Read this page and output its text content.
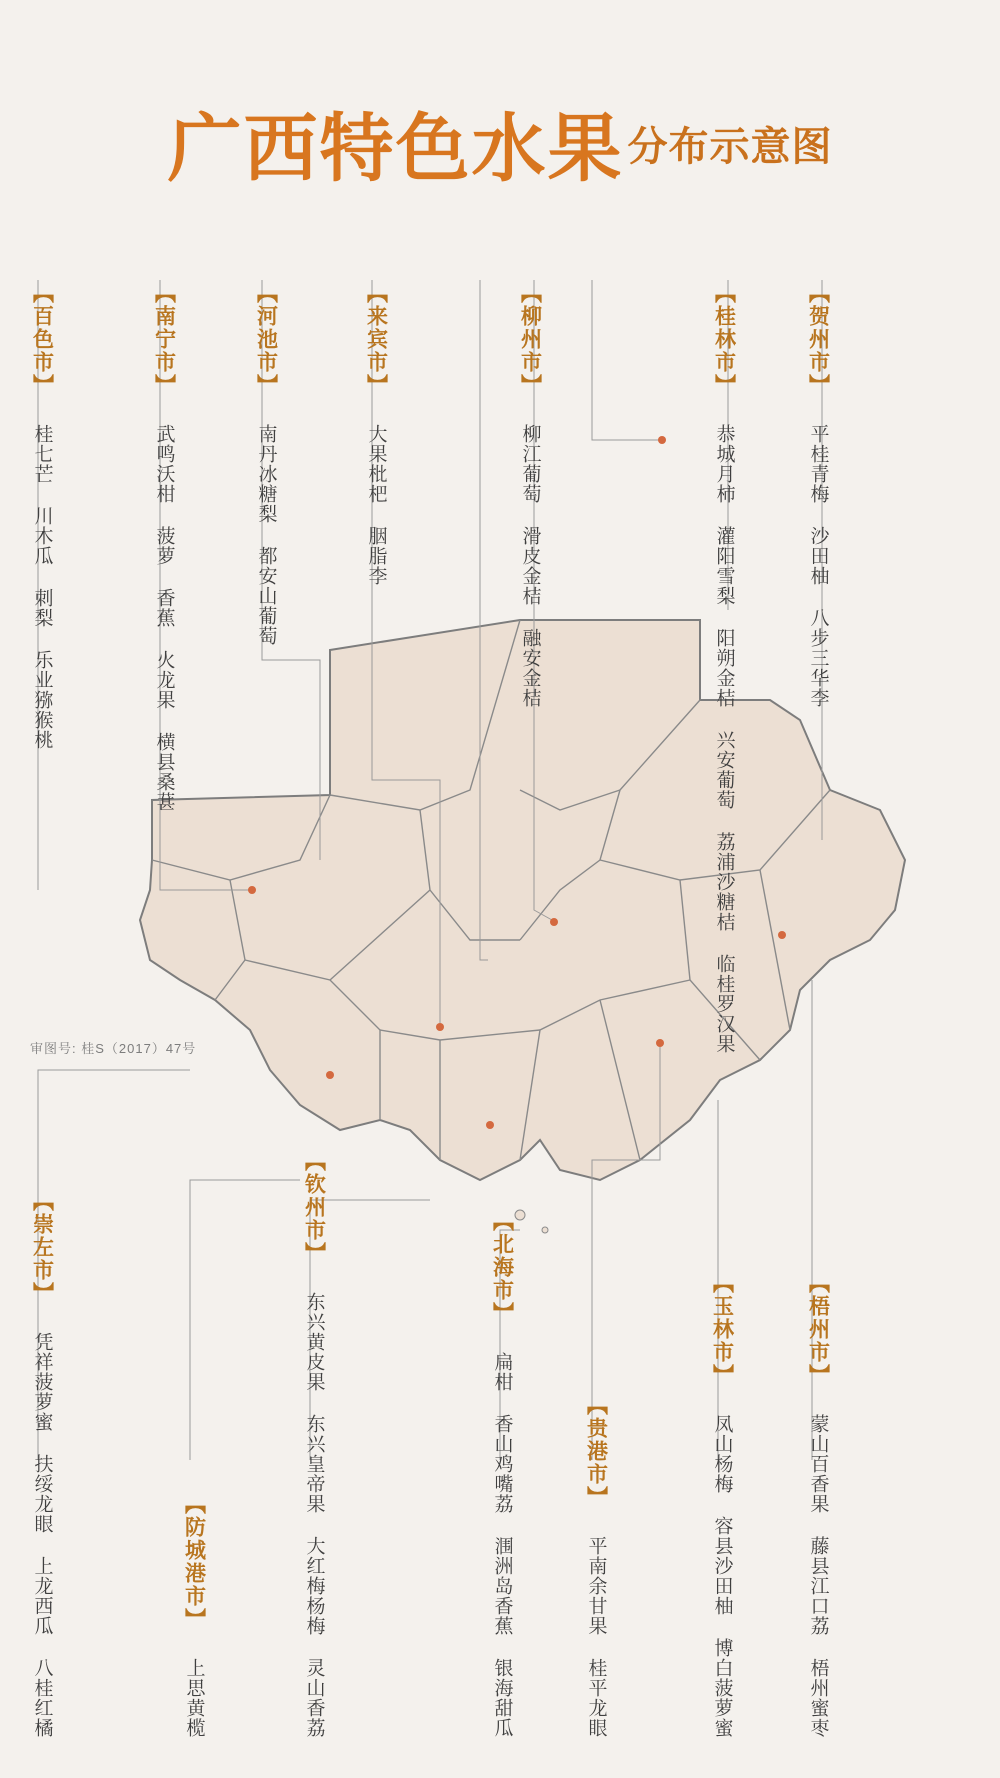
广西特色水果 分布示意图
【百色市】 桂七芒 川木瓜 刺梨 乐业猕猴桃
【南宁市】 武鸣沃柑 菠萝 香蕉 火龙果 横县桑葚
【河池市】 南丹冰糖梨 都安山葡萄
【来宾市】 大果枇杷 胭脂李
【柳州市】 柳江葡萄 滑皮金桔 融安金桔
【桂林市】 恭城月柿 灌阳雪梨 阳朔金桔 兴安葡萄 荔浦沙糖桔 临桂罗汉果
【贺州市】 平桂青梅 沙田柚 八步三华李
【崇左市】 凭祥菠萝蜜 扶绥龙眼 上龙西瓜 八桂红橘
【防城港市】 上思黄榄
【钦州市】 东兴黄皮果 东兴皇帝果 大红梅杨梅 灵山香荔
【北海市】 扁柑 香山鸡嘴荔 涠洲岛香蕉 银海甜瓜
【贵港市】 平南余甘果 桂平龙眼
【玉林市】 凤山杨梅 容县沙田柚 博白菠萝蜜
【梧州市】 蒙山百香果 藤县江口荔 梧州蜜枣
审图号: 桂S（2017）47号
